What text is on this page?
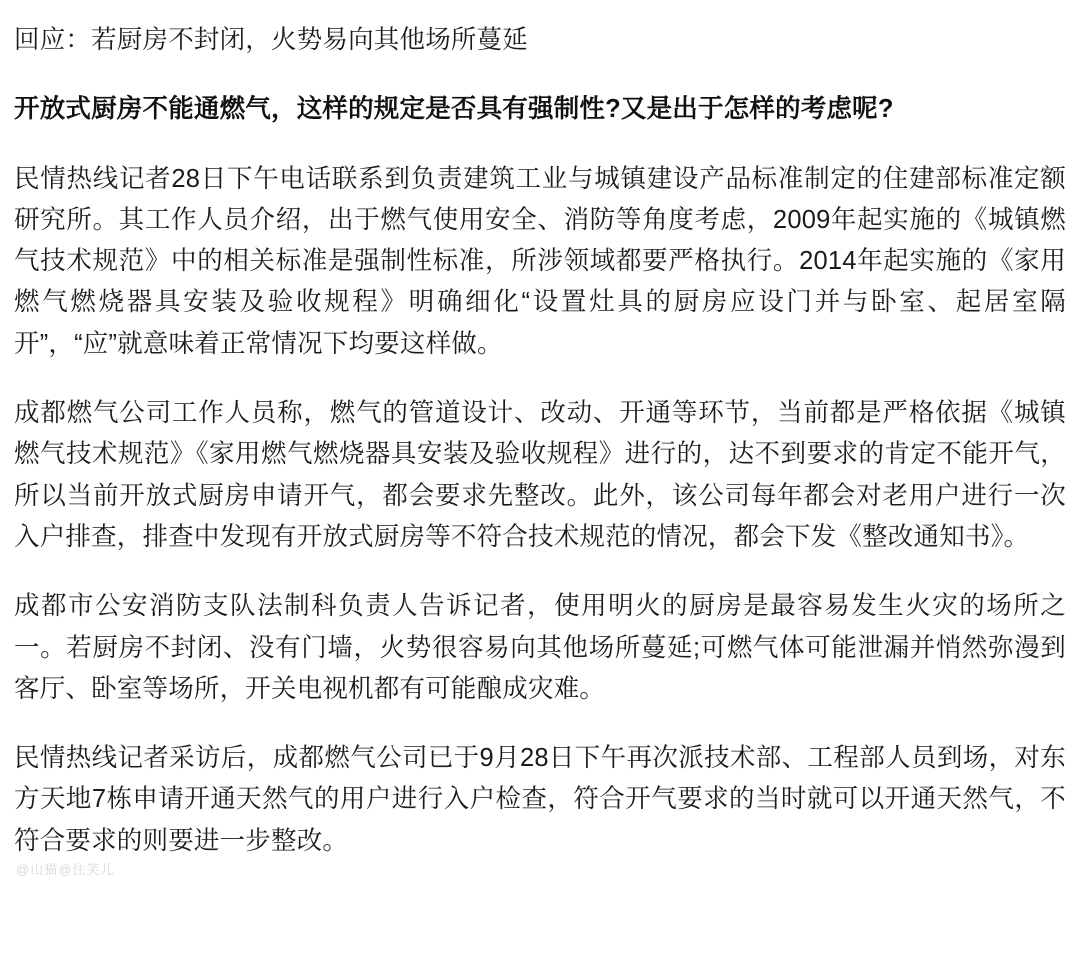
回应：若厨房不封闭，火势易向其他场所蔓延

开放式厨房不能通燃气，这样的规定是否具有强制性?又是出于怎样的考虑呢?

民情热线记者28日下午电话联系到负责建筑工业与城镇建设产品标准制定的住建部标准定额研究所。其工作人员介绍，出于燃气使用安全、消防等角度考虑，2009年起实施的《城镇燃气技术规范》中的相关标准是强制性标准，所涉领域都要严格执行。2014年起实施的《家用燃气燃烧器具安装及验收规程》明确细化“设置灶具的厨房应设门并与卧室、起居室隔开”，“应”就意味着正常情况下均要这样做。

成都燃气公司工作人员称，燃气的管道设计、改动、开通等环节，当前都是严格依据《城镇燃气技术规范》《家用燃气燃烧器具安装及验收规程》进行的，达不到要求的肯定不能开气，所以当前开放式厨房申请开气，都会要求先整改。此外，该公司每年都会对老用户进行一次入户排查，排查中发现有开放式厨房等不符合技术规范的情况，都会下发《整改通知书》。

成都市公安消防支队法制科负责人告诉记者，使用明火的厨房是最容易发生火灾的场所之一。若厨房不封闭、没有门墙，火势很容易向其他场所蔓延;可燃气体可能泄漏并悄然弥漫到客厅、卧室等场所，开关电视机都有可能酿成灾难。

民情热线记者采访后，成都燃气公司已于9月28日下午再次派技术部、工程部人员到场，对东方天地7栋申请开通天然气的用户进行入户检查，符合开气要求的当时就可以开通天然气，不符合要求的则要进一步整改。

@山猫@住笑儿
